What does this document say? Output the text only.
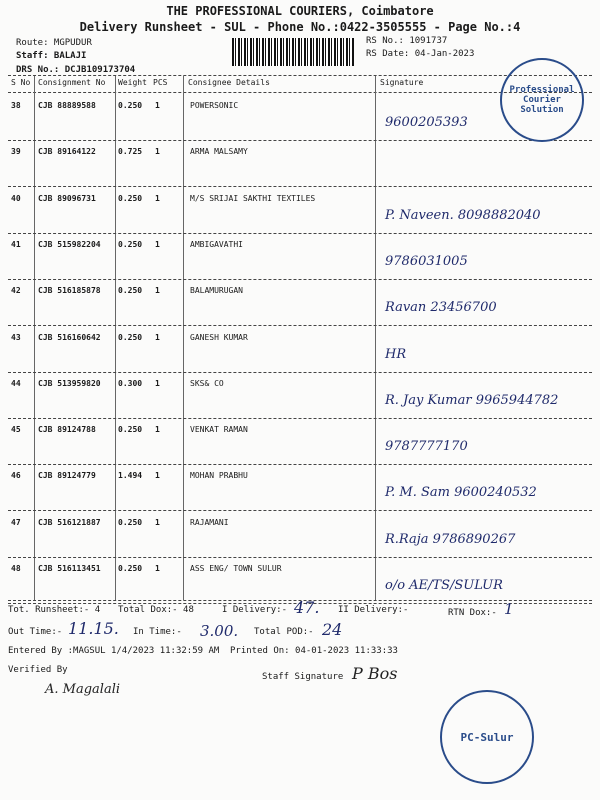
THE PROFESSIONAL COURIERS, Coimbatore
Delivery Runsheet - SUL - Phone No.:0422-3505555 - Page No.:4
Route: MGPUDUR
Staff: BALAJI
DRS No.: DCJB109173704
RS No.: 1091737
RS Date: 04-Jan-2023
S No Consignment No Weight PCS	Consignee Details	Signature
38 CJB 88889588	0.250 1	POWERSONIC
9600205393
39 CJB 89164122	0.725 1	ARMA MALSAMY
40 CJB 89096731	0.250 1	M/S SRIJAI SAKTHI TEXTILES
P. Naveen. 8098882040
41 CJB 515982204 0.250 1	AMBIGAVATHI
9786031005
42 CJB 516185878 0.250 1	BALAMURUGAN
Ravan 23456700
43 CJB 516160642 0.250 1	GANESH KUMAR
HR
44 CJB 513959820 0.300 1	SKS& CO
R. Jay Kumar 9965944782
45 CJB 89124788	0.250 1	VENKAT RAMAN
9787777170
46 CJB 89124779	1.494 1	MOHAN PRABHU
P. M. Sam 9600240532
47 CJB 516121887 0.250 1	RAJAMANI
R.Raja 9786890267
48 CJB 516113451 0.250 1	ASS ENG/ TOWN SULUR
o/o AE/TS/SULUR
Professional Courier Solution
Tot. Runsheet:- 4 Total Dox:- 48	I Delivery:- 47. II Delivery:-	RTN Dox:- 1
Out Time:- 11.15. In Time:- 3.00. Total POD:- 24
Entered By :MAGSUL 1/4/2023 11:32:59 AM Printed On: 04-01-2023 11:33:33
Verified By
A. Magalali
Staff Signature P Bos
PC-Sulur
